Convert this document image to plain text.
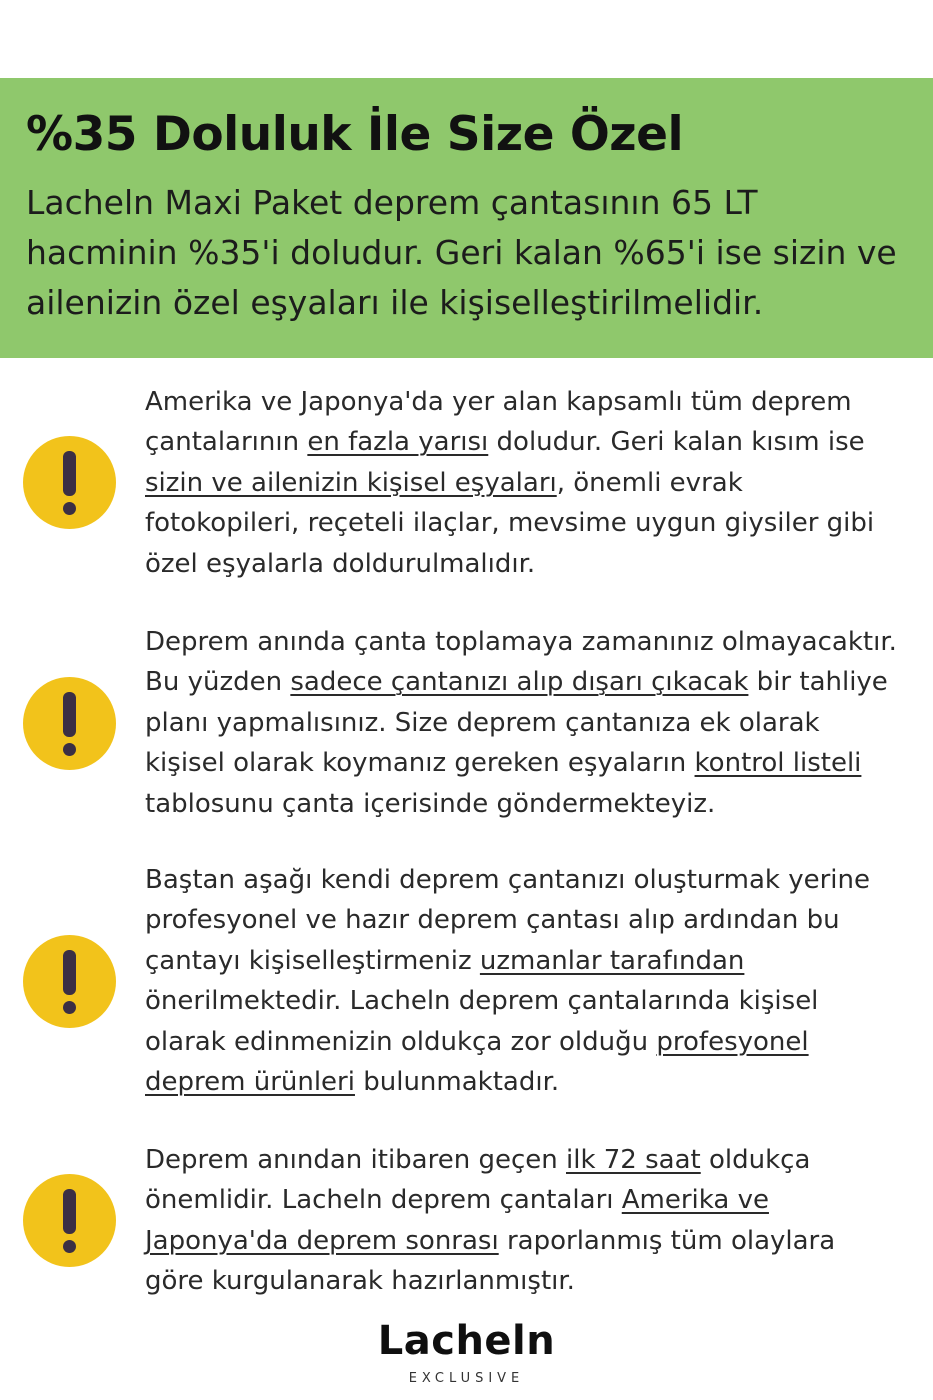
%35 Doluluk İle Size Özel

Lacheln Maxi Paket deprem çantasının 65 LT
hacminin %35'i doludur. Geri kalan %65'i ise sizin ve
ailenizin özel eşyaları ile kişiselleştirilmelidir.

Amerika ve Japonya'da yer alan kapsamlı tüm deprem
çantalarının en fazla yarısı doludur. Geri kalan kısım ise
sizin ve ailenizin kişisel eşyaları, önemli evrak
fotokopileri, reçeteli ilaçlar, mevsime uygun giysiler gibi
özel eşyalarla doldurulmalıdır.

Deprem anında çanta toplamaya zamanınız olmayacaktır.
Bu yüzden sadece çantanızı alıp dışarı çıkacak bir tahliye
planı yapmalısınız. Size deprem çantanıza ek olarak
kişisel olarak koymanız gereken eşyaların kontrol listeli
tablosunu çanta içerisinde göndermekteyiz.

Baştan aşağı kendi deprem çantanızı oluşturmak yerine
profesyonel ve hazır deprem çantası alıp ardından bu
çantayı kişiselleştirmeniz uzmanlar tarafından
önerilmektedir. Lacheln deprem çantalarında kişisel
olarak edinmenizin oldukça zor olduğu profesyonel
deprem ürünleri bulunmaktadır.

Deprem anından itibaren geçen ilk 72 saat oldukça
önemlidir. Lacheln deprem çantaları Amerika ve
Japonya'da deprem sonrası raporlanmış tüm olaylara
göre kurgulanarak hazırlanmıştır.

Lacheln
EXCLUSIVE
